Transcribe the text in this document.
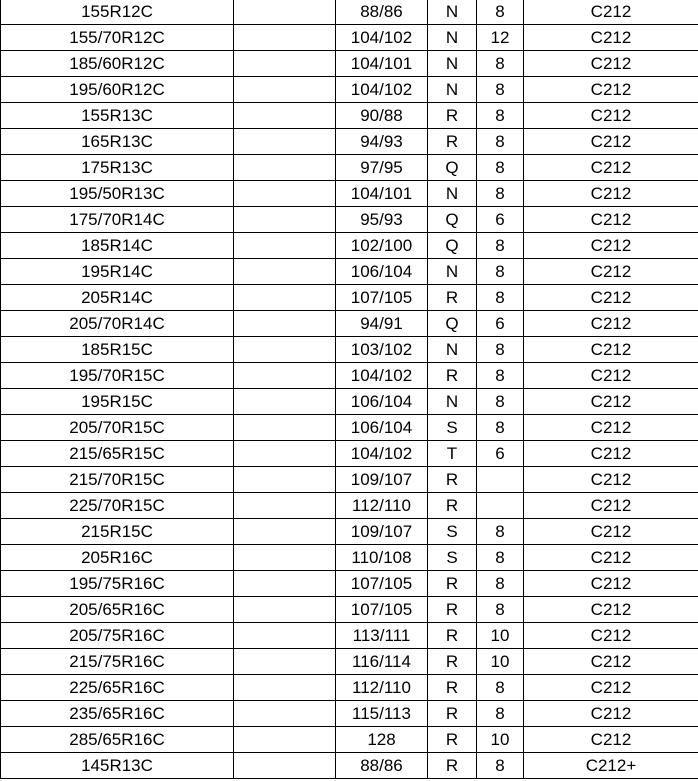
155R12C		88/86	N	8	C212
155/70R12C		104/102	N	12	C212
185/60R12C		104/101	N	8	C212
195/60R12C		104/102	N	8	C212
155R13C		90/88	R	8	C212
165R13C		94/93	R	8	C212
175R13C		97/95	Q	8	C212
195/50R13C		104/101	N	8	C212
175/70R14C		95/93	Q	6	C212
185R14C		102/100	Q	8	C212
195R14C		106/104	N	8	C212
205R14C		107/105	R	8	C212
205/70R14C		94/91	Q	6	C212
185R15C		103/102	N	8	C212
195/70R15C		104/102	R	8	C212
195R15C		106/104	N	8	C212
205/70R15C		106/104	S	8	C212
215/65R15C		104/102	T	6	C212
215/70R15C		109/107	R		C212
225/70R15C		112/110	R		C212
215R15C		109/107	S	8	C212
205R16C		110/108	S	8	C212
195/75R16C		107/105	R	8	C212
205/65R16C		107/105	R	8	C212
205/75R16C		113/111	R	10	C212
215/75R16C		116/114	R	10	C212
225/65R16C		112/110	R	8	C212
235/65R16C		115/113	R	8	C212
285/65R16C		128	R	10	C212
145R13C		88/86	R	8	C212+
